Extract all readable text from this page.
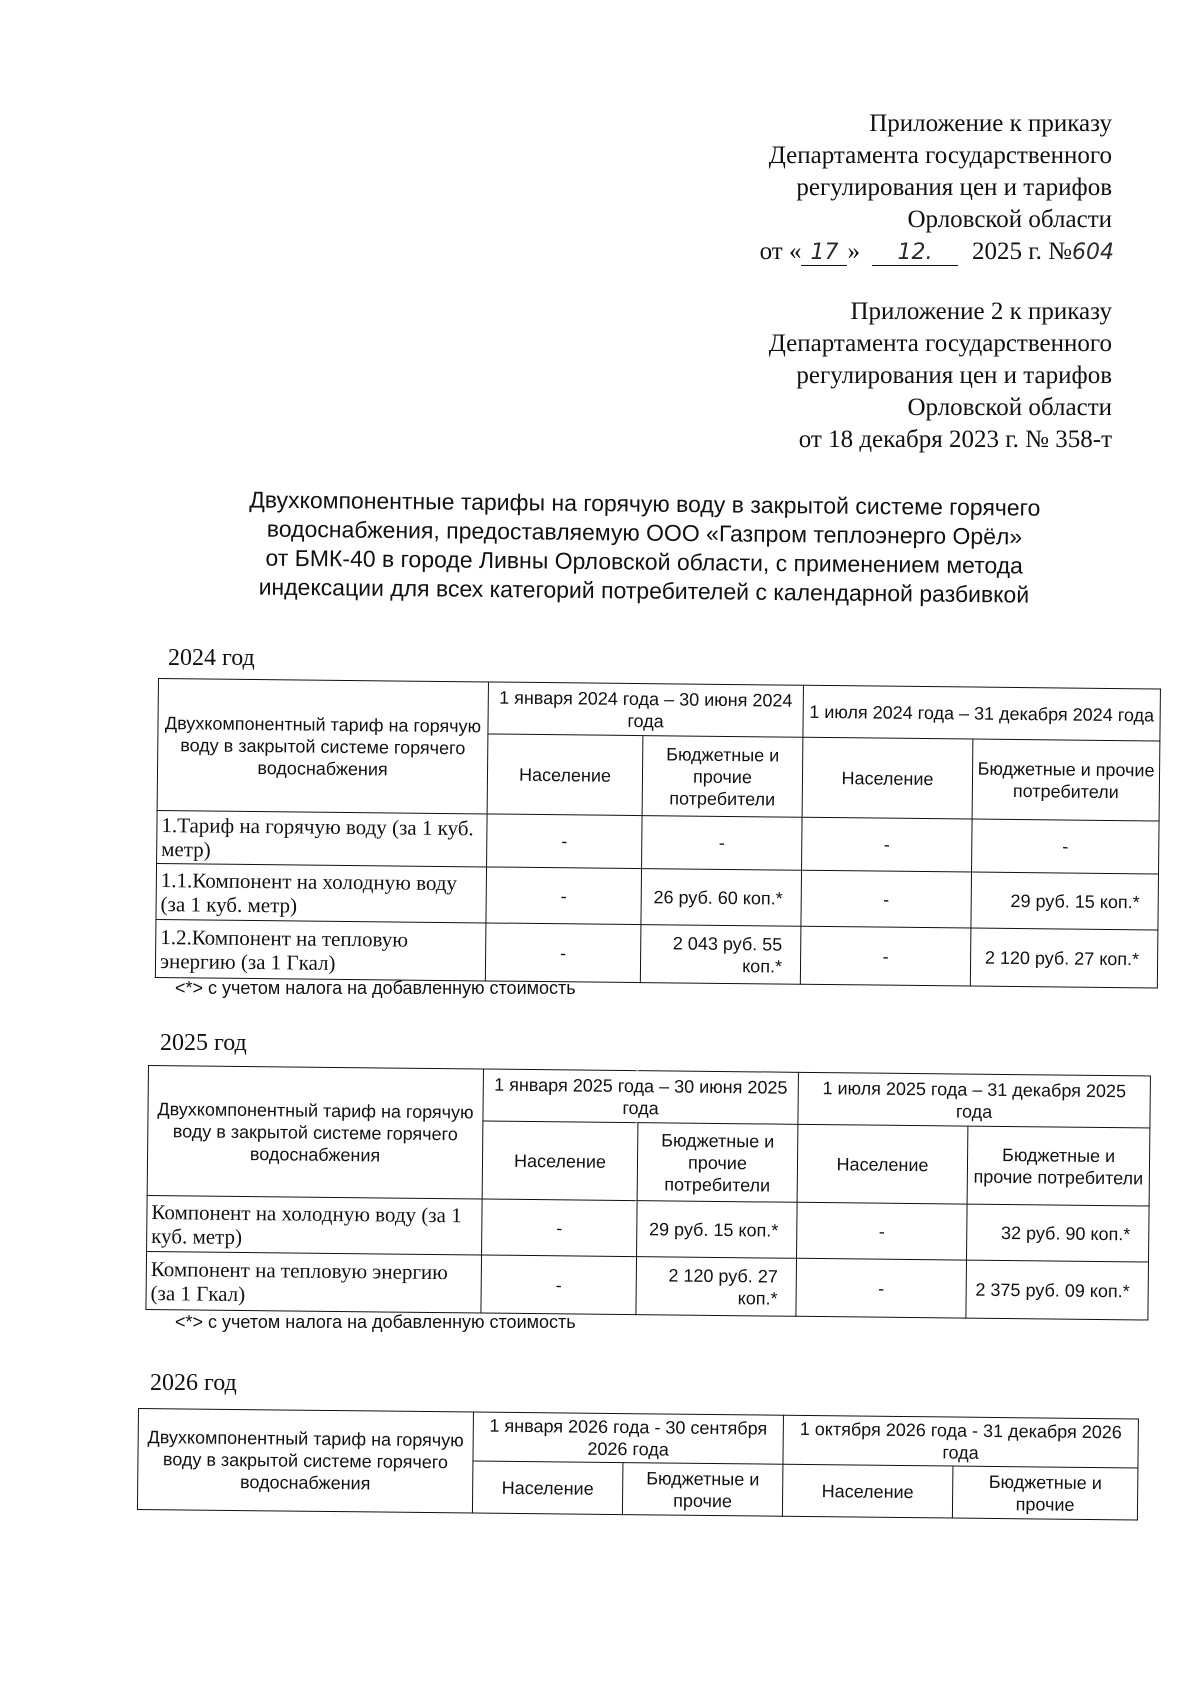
Приложение к приказу
Департамента государственного
регулирования цен и тарифов
Орловской области
от « 17 »	12.	2025 г. № 604
Приложение 2 к приказу
Департамента государственного
регулирования цен и тарифов
Орловской области
от 18 декабря 2023 г. № 358-т
Двухкомпонентные тарифы на горячую воду в закрытой системе горячего
водоснабжения, предоставляемую ООО «Газпром теплоэнерго Орёл»
от БМК-40 в городе Ливны Орловской области, с применением метода
индексации для всех категорий потребителей с календарной разбивкой
2024 год
Двухкомпонентный тариф на горячую воду в закрытой системе горячего водоснабжения	1 января 2024 года – 30 июня 2024 года		1 июля 2024 года – 31 декабря 2024 года	
	Население	Бюджетные и прочие потребители	Население	Бюджетные и прочие потребители
1.Тариф на горячую воду (за 1 куб. метр)	-	-	-	-
1.1.Компонент на холодную воду (за 1 куб. метр)	-	26 руб. 60 коп.*	-	29 руб. 15 коп.*
1.2.Компонент на тепловую энергию (за 1 Гкал)	-	2 043 руб. 55 коп.*	-	2 120 руб. 27 коп.*
<*> с учетом налога на добавленную стоимость
2025 год
Двухкомпонентный тариф на горячую воду в закрытой системе горячего водоснабжения	1 января 2025 года – 30 июня 2025 года		1 июля 2025 года – 31 декабря 2025 года	
	Население	Бюджетные и прочие потребители	Население	Бюджетные и прочие потребители
Компонент на холодную воду (за 1 куб. метр)	-	29 руб. 15 коп.*	-	32 руб. 90 коп.*
Компонент на тепловую энергию (за 1 Гкал)	-	2 120 руб. 27 коп.*	-	2 375 руб. 09 коп.*
<*> с учетом налога на добавленную стоимость
2026 год
Двухкомпонентный тариф на горячую воду в закрытой системе горячего водоснабжения	1 января 2026 года - 30 сентября 2026 года		1 октября 2026 года - 31 декабря 2026 года	
	Население	Бюджетные и прочие	Население	Бюджетные и прочие
